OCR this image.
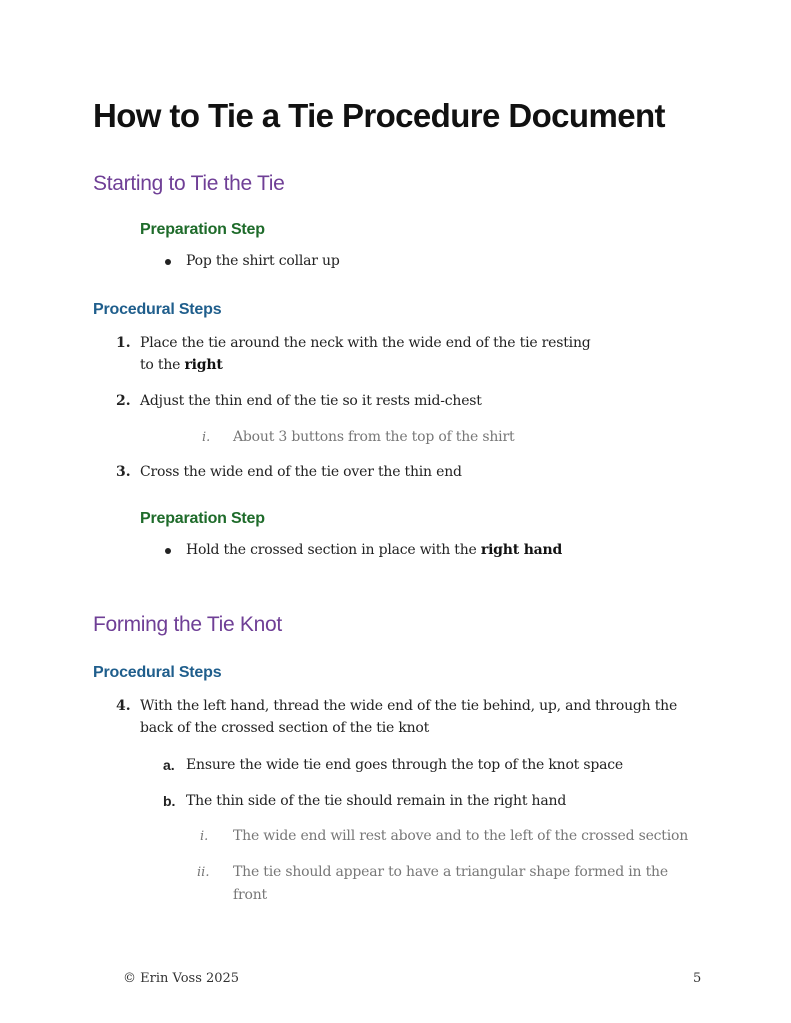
How to Tie a Tie Procedure Document
Starting to Tie the Tie
Preparation Step
Pop the shirt collar up
Procedural Steps
1. Place the tie around the neck with the wide end of the tie resting
to the right
2. Adjust the thin end of the tie so it rests mid-chest
i. About 3 buttons from the top of the shirt
3. Cross the wide end of the tie over the thin end
Preparation Step
Hold the crossed section in place with the right hand
Forming the Tie Knot
Procedural Steps
4. With the left hand, thread the wide end of the tie behind, up, and through the
back of the crossed section of the tie knot
a. Ensure the wide tie end goes through the top of the knot space
b. The thin side of the tie should remain in the right hand
i. The wide end will rest above and to the left of the crossed section
ii. The tie should appear to have a triangular shape formed in the
front
© Erin Voss 2025	5
